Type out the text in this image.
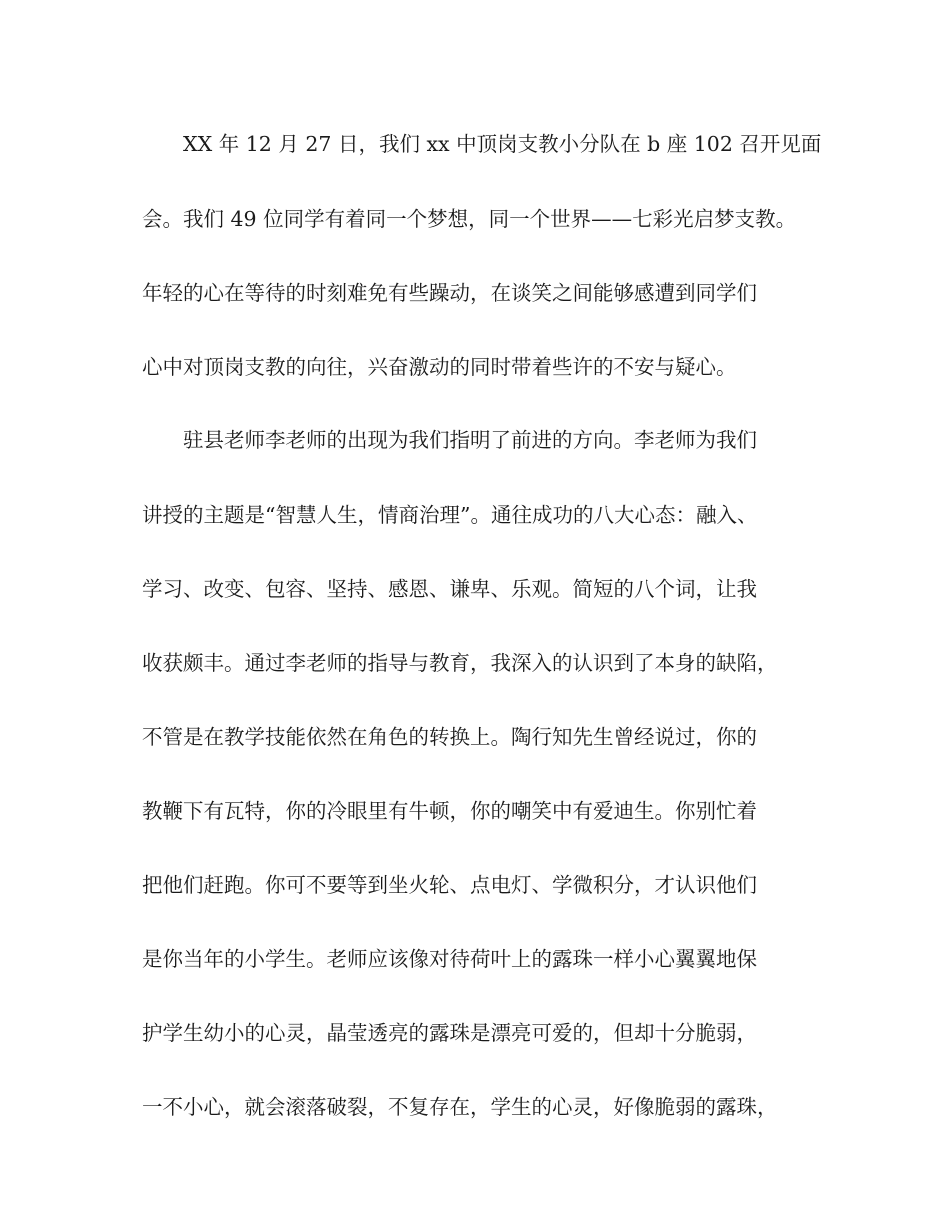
XX 年 12 月 27 日，我们 xx 中顶岗支教小分队在 b 座 102 召开见面
会。我们 49 位同学有着同一个梦想，同一个世界——七彩光启梦支教。
年轻的心在等待的时刻难免有些躁动，在谈笑之间能够感遭到同学们
心中对顶岗支教的向往，兴奋激动的同时带着些许的不安与疑心。
驻县老师李老师的出现为我们指明了前进的方向。李老师为我们
讲授的主题是“智慧人生，情商治理”。通往成功的八大心态：融入、
学习、改变、包容、坚持、感恩、谦卑、乐观。简短的八个词，让我
收获颇丰。通过李老师的指导与教育，我深入的认识到了本身的缺陷，
不管是在教学技能依然在角色的转换上。陶行知先生曾经说过，你的
教鞭下有瓦特，你的冷眼里有牛顿，你的嘲笑中有爱迪生。你别忙着
把他们赶跑。你可不要等到坐火轮、点电灯、学微积分，才认识他们
是你当年的小学生。老师应该像对待荷叶上的露珠一样小心翼翼地保
护学生幼小的心灵，晶莹透亮的露珠是漂亮可爱的，但却十分脆弱，
一不小心，就会滚落破裂，不复存在，学生的心灵，好像脆弱的露珠，
